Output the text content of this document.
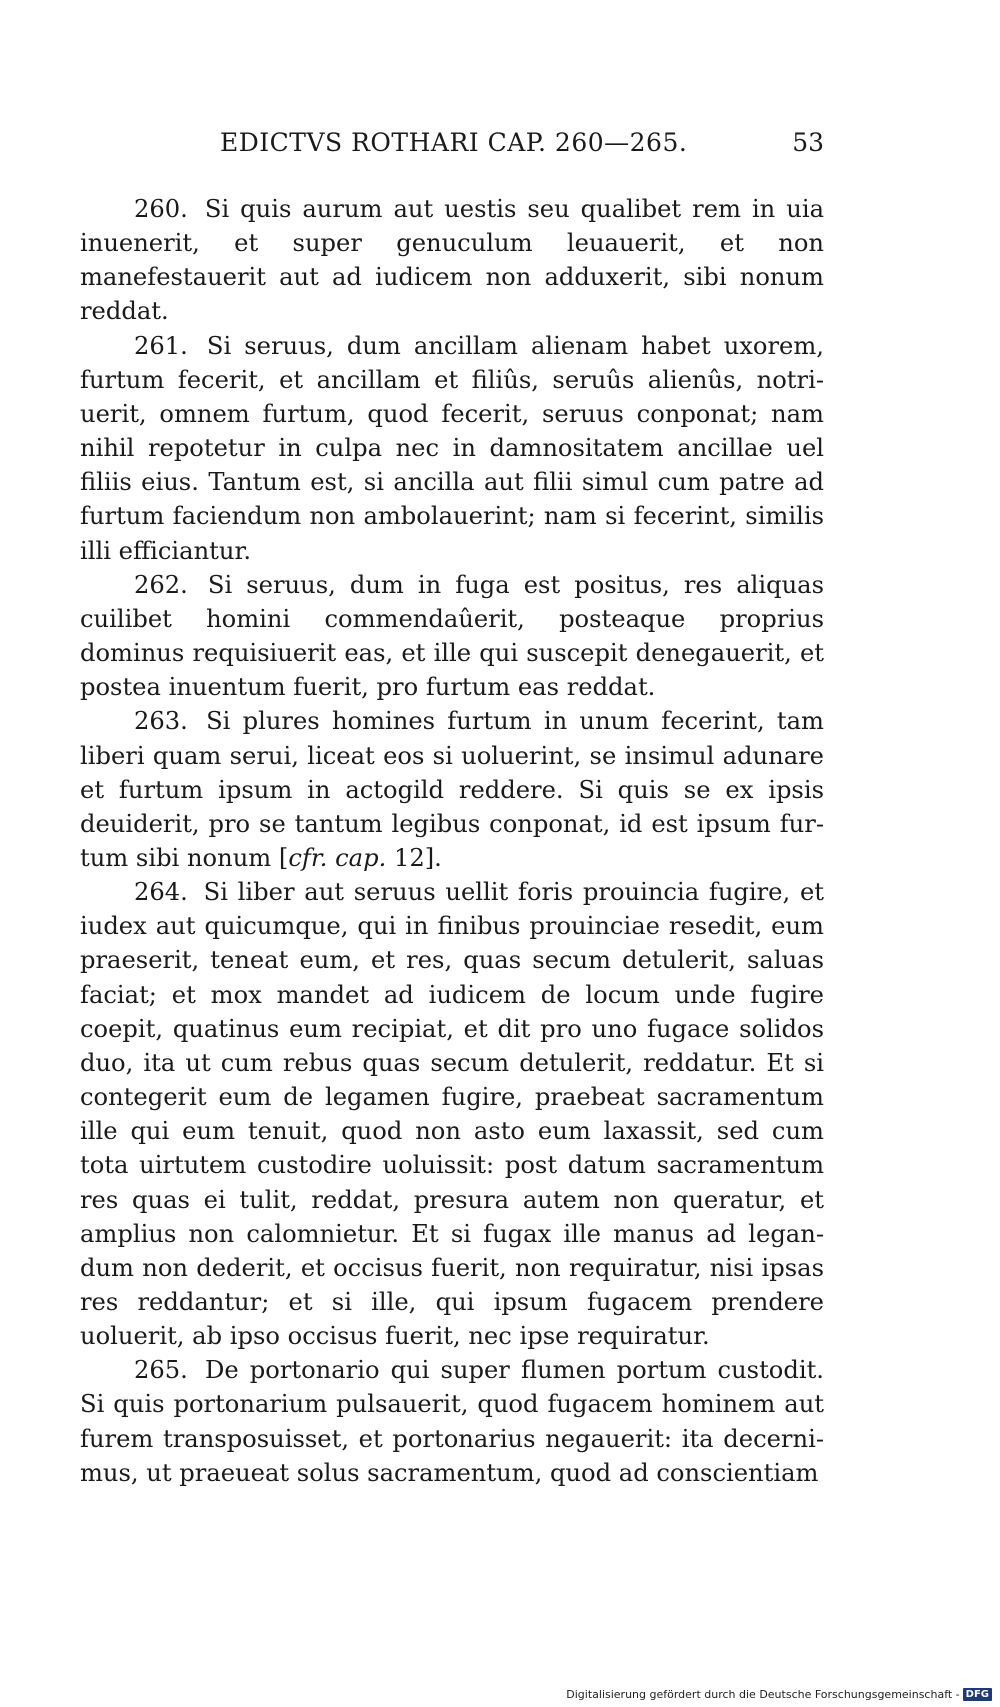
EDICTVS ROTHARI CAP. 260—265.	53

260. Si quis aurum aut uestis seu qualibet rem in uia inuenerit, et super genuculum leuauerit, et non manefestauerit aut ad iudicem non adduxerit, sibi nonum reddat.

261. Si seruus, dum ancillam alienam habet uxorem, furtum fecerit, et ancillam et filiûs, seruûs alienûs, notriuerit, omnem furtum, quod fecerit, seruus conponat; nam nihil repotetur in culpa nec in damnositatem ancillae uel filiis eius. Tantum est, si ancilla aut filii simul cum patre ad furtum faciendum non ambolauerint; nam si fecerint, similis illi efficiantur.

262. Si seruus, dum in fuga est positus, res aliquas cuilibet homini commendaûerit, posteaque proprius dominus requisiuerit eas, et ille qui suscepit denegauerit, et postea inuentum fuerit, pro furtum eas reddat.

263. Si plures homines furtum in unum fecerint, tam liberi quam serui, liceat eos si uoluerint, se insimul adunare et furtum ipsum in actogild reddere. Si quis se ex ipsis deuiderit, pro se tantum legibus conponat, id est ipsum furtum sibi nonum [cfr. cap. 12].

264. Si liber aut seruus uellit foris prouincia fugire, et iudex aut quicumque, qui in finibus prouinciae resedit, eum praeserit, teneat eum, et res, quas secum detulerit, saluas faciat; et mox mandet ad iudicem de locum unde fugire coepit, quatinus eum recipiat, et dit pro uno fugace solidos duo, ita ut cum rebus quas secum detulerit, reddatur. Et si contegerit eum de legamen fugire, praebeat sacramentum ille qui eum tenuit, quod non asto eum laxassit, sed cum tota uirtutem custodire uoluissit: post datum sacramentum res quas ei tulit, reddat, presura autem non queratur, et amplius non calomnietur. Et si fugax ille manus ad legandum non dederit, et occisus fuerit, non requiratur, nisi ipsas res reddantur; et si ille, qui ipsum fugacem prendere uoluerit, ab ipso occisus fuerit, nec ipse requiratur.

265. De portonario qui super flumen portum custodit. Si quis portonarium pulsauerit, quod fugacem hominem aut furem transposuisset, et portonarius negauerit: ita decernimus, ut praeueat solus sacramentum, quod ad conscientiam

Digitalisierung gefördert durch die Deutsche Forschungsgemeinschaft - DFG
